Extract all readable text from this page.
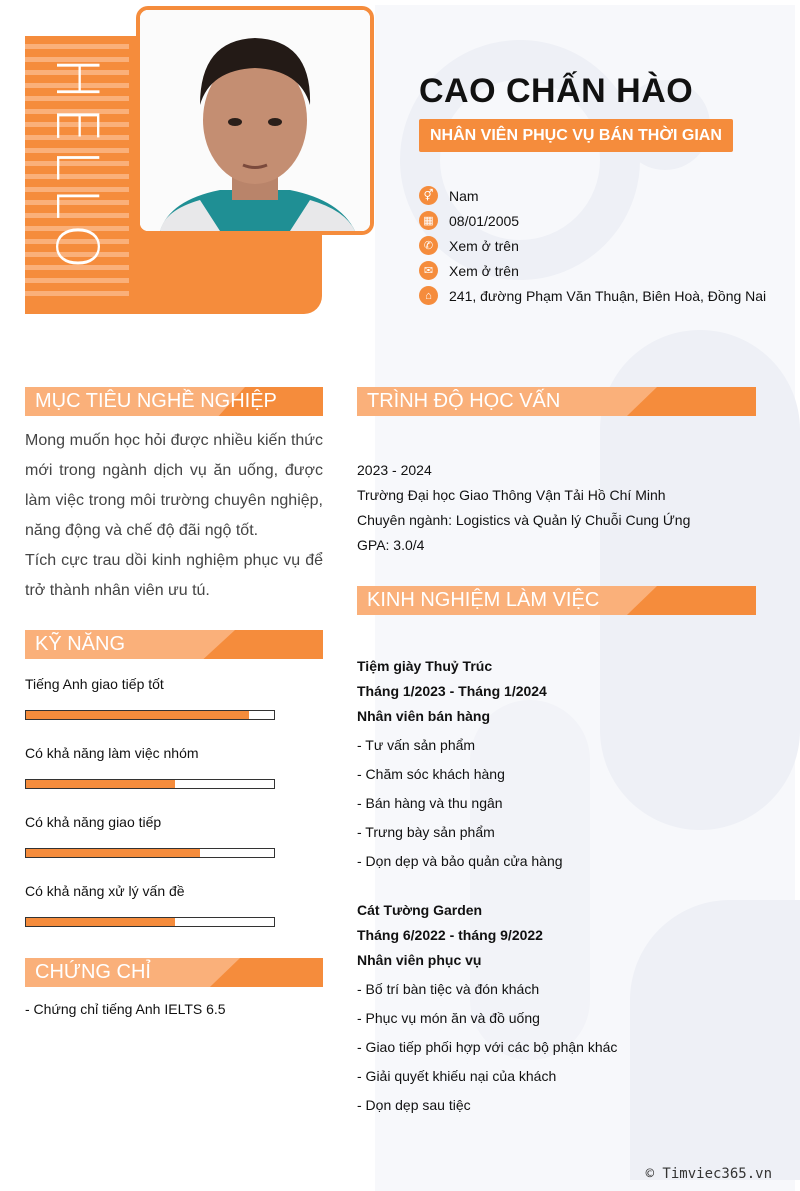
HELLO	CAO CHẤN HÀO
NHÂN VIÊN PHỤC VỤ BÁN THỜI GIAN
⚥	Nam
▦	08/01/2005
✆	Xem ở trên
✉	Xem ở trên
⌂	241, đường Phạm Văn Thuận, Biên Hoà, Đồng Nai
MỤC TIÊU NGHỀ NGHIỆP
Mong muốn học hỏi được nhiều kiến thức mới trong ngành dịch vụ ăn uống, được làm việc trong môi trường chuyên nghiệp, năng động và chế độ đãi ngộ tốt.
Tích cực trau dồi kinh nghiệm phục vụ để trở thành nhân viên ưu tú.
KỸ NĂNG
Tiếng Anh giao tiếp tốt
Có khả năng làm việc nhóm
Có khả năng giao tiếp
Có khả năng xử lý vấn đề
CHỨNG CHỈ
- Chứng chỉ tiếng Anh IELTS 6.5
TRÌNH ĐỘ HỌC VẤN
2023 - 2024
Trường Đại học Giao Thông Vận Tải Hồ Chí Minh
Chuyên ngành: Logistics và Quản lý Chuỗi Cung Ứng
GPA: 3.0/4
KINH NGHIỆM LÀM VIỆC
Tiệm giày Thuỷ Trúc
Tháng 1/2023 - Tháng 1/2024
Nhân viên bán hàng
- Tư vấn sản phẩm
- Chăm sóc khách hàng
- Bán hàng và thu ngân
- Trưng bày sản phẩm
- Dọn dẹp và bảo quản cửa hàng
Cát Tường Garden
Tháng 6/2022 - tháng 9/2022
Nhân viên phục vụ
- Bố trí bàn tiệc và đón khách
- Phục vụ món ăn và đồ uống
- Giao tiếp phối hợp với các bộ phận khác
- Giải quyết khiếu nại của khách
- Dọn dẹp sau tiệc
© Timviec365.vn
